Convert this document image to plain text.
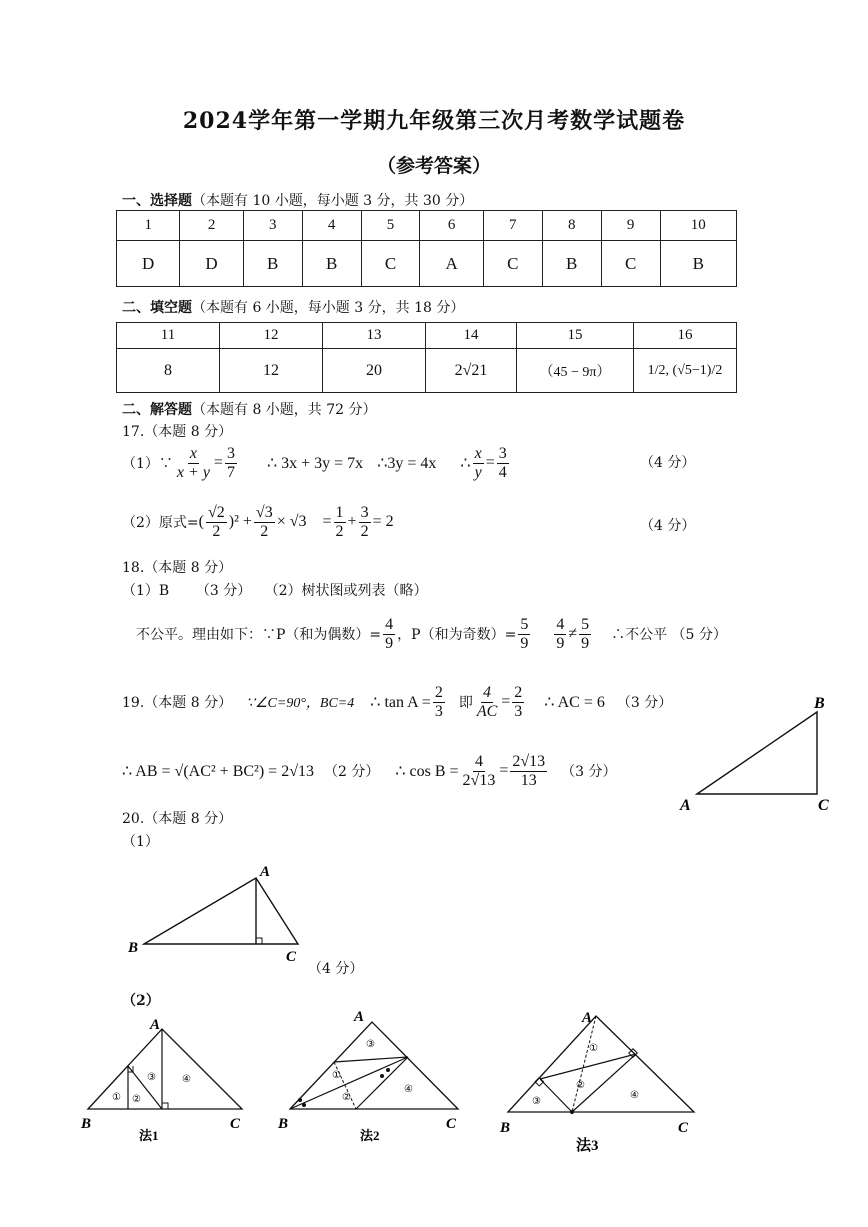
2024学年第一学期九年级第三次月考数学试题卷
（参考答案）
一、选择题（本题有 10 小题，每小题 3 分，共 30 分）
1	2	3	4	5	6	7	8	9	10
D	D	B	B	C	A	C	B	C	B
二、填空题（本题有 6 小题，每小题 3 分，共 18 分）
11	12	13	14	15	16
8	12	20	2√21	（45 − 9π）	1/2, (√5−1)/2
二、解答题（本题有 8 小题，共 72 分）
17.（本题 8 分）
（1）∵ $\frac{x}{x + y} = \frac{3}{7}$ ∴ 3x + 3y = 7x ∴3y = 4x ∴ $\frac{x}{y} = \frac{3}{4}$	（4 分）
（2）原式= ( $\frac{√2}{2} )^2 + \frac{√3}{2} \times √3 = \frac{1}{2} + \frac{3}{2} = 2$	（4 分）
18.（本题 8 分）
（1）B      （3 分）   （2）树状图或列表（略）
不公平。理由如下：∵P（和为偶数）= $\frac{4}{9}$ ，P（和为奇数）= $\frac{5}{9} \frac{4}{9} \ne \frac{5}{9}$ ∴不公平 （5 分）
19.（本题 8 分） ∵∠C=90°，BC=4 ∴ $\tan A = \frac{2}{3}$ 即 $\frac{4}{AC} = \frac{2}{3}$ ∴ AC = 6 （3 分）
∴ AB = √(AC² + BC²) = 2√13 （2 分） ∴ $\cos B = \frac{4}{2√13} = \frac{2√13}{13} (3$ 分）
B
C
A
20.（本题 8 分）
（1）
A
B
C
（4 分）
（2）
① ②
③	④
A
B	C
法1
①
②
③
④
A
B	C
法2
①
②
③
④
A
B	C
法3
